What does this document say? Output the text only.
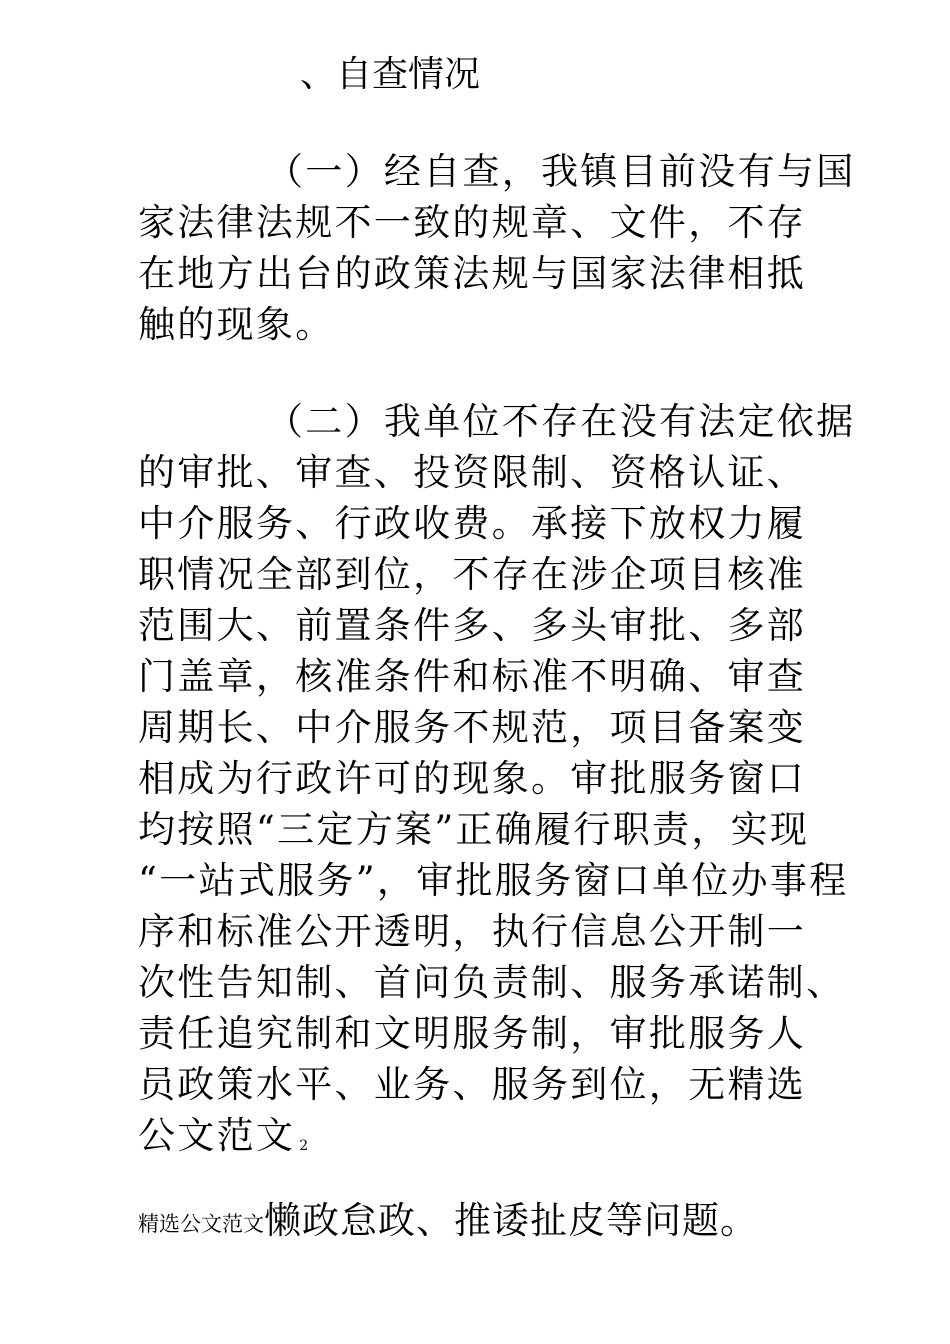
、自查情况
（一）经自查，我镇目前没有与国
家法律法规不一致的规章、文件，不存
在地方出台的政策法规与国家法律相抵
触的现象。
（二）我单位不存在没有法定依据
的审批、审查、投资限制、资格认证、
中介服务、行政收费。承接下放权力履
职情况全部到位，不存在涉企项目核准
范围大、前置条件多、多头审批、多部
门盖章，核准条件和标准不明确、审查
周期长、中介服务不规范，项目备案变
相成为行政许可的现象。审批服务窗口
均按照“三定方案”正确履行职责，实现
“一站式服务”，审批服务窗口单位办事程
序和标准公开透明，执行信息公开制一
次性告知制、首问负责制、服务承诺制、
责任追究制和文明服务制，审批服务人
员政策水平、业务、服务到位，无精选
公文范文 2
精选公文范文懒政怠政、推诿扯皮等问题。
